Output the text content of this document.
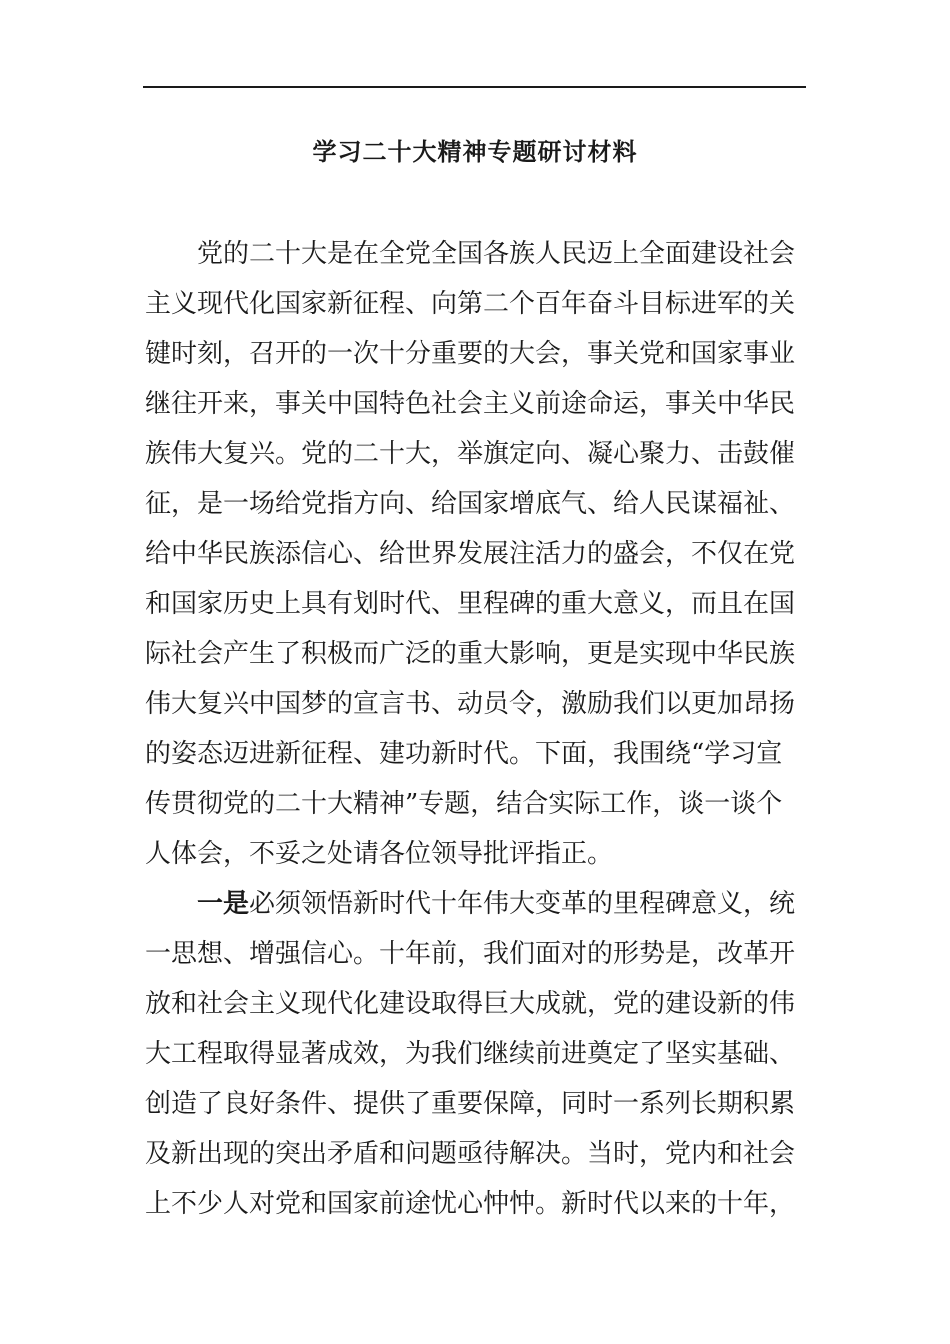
学习二十大精神专题研讨材料
党的二十大是在全党全国各族人民迈上全面建设社会
主义现代化国家新征程、向第二个百年奋斗目标进军的关
键时刻，召开的一次十分重要的大会，事关党和国家事业
继往开来，事关中国特色社会主义前途命运，事关中华民
族伟大复兴。党的二十大，举旗定向、凝心聚力、击鼓催
征，是一场给党指方向、给国家增底气、给人民谋福祉、
给中华民族添信心、给世界发展注活力的盛会，不仅在党
和国家历史上具有划时代、里程碑的重大意义，而且在国
际社会产生了积极而广泛的重大影响，更是实现中华民族
伟大复兴中国梦的宣言书、动员令，激励我们以更加昂扬
的姿态迈进新征程、建功新时代。下面，我围绕“学习宣
传贯彻党的二十大精神”专题，结合实际工作，谈一谈个
人体会，不妥之处请各位领导批评指正。
一是必须领悟新时代十年伟大变革的里程碑意义，统
一思想、增强信心。十年前，我们面对的形势是，改革开
放和社会主义现代化建设取得巨大成就，党的建设新的伟
大工程取得显著成效，为我们继续前进奠定了坚实基础、
创造了良好条件、提供了重要保障，同时一系列长期积累
及新出现的突出矛盾和问题亟待解决。当时，党内和社会
上不少人对党和国家前途忧心忡忡。新时代以来的十年，
